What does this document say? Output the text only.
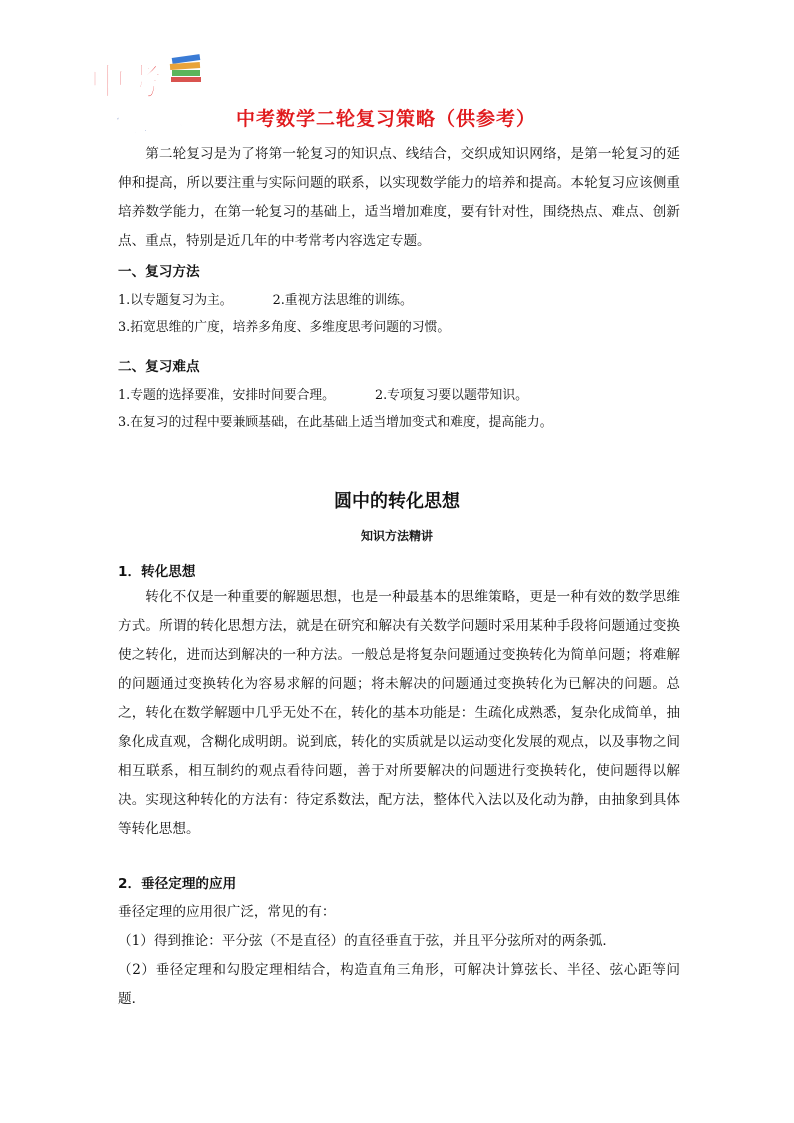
中考
倒计时 中考数学二轮复习策略（供参考）

第二轮复习是为了将第一轮复习的知识点、线结合，交织成知识网络，是第一轮复习的延伸和提高，所以要注重与实际问题的联系，以实现数学能力的培养和提高。本轮复习应该侧重培养数学能力，在第一轮复习的基础上，适当增加难度，要有针对性，围绕热点、难点、创新点、重点，特别是近几年的中考常考内容选定专题。

一、复习方法

1.以专题复习为主。	2.重视方法思维的训练。

3.拓宽思维的广度，培养多角度、多维度思考问题的习惯。

二、复习难点

1.专题的选择要准，安排时间要合理。	2.专项复习要以题带知识。

3.在复习的过程中要兼顾基础，在此基础上适当增加变式和难度，提高能力。

圆中的转化思想

知识方法精讲

1．转化思想

转化不仅是一种重要的解题思想，也是一种最基本的思维策略，更是一种有效的数学思维方式。所谓的转化思想方法，就是在研究和解决有关数学问题时采用某种手段将问题通过变换使之转化，进而达到解决的一种方法。一般总是将复杂问题通过变换转化为简单问题；将难解的问题通过变换转化为容易求解的问题；将未解决的问题通过变换转化为已解决的问题。总之，转化在数学解题中几乎无处不在，转化的基本功能是：生疏化成熟悉，复杂化成简单，抽象化成直观，含糊化成明朗。说到底，转化的实质就是以运动变化发展的观点，以及事物之间相互联系，相互制约的观点看待问题，善于对所要解决的问题进行变换转化，使问题得以解决。实现这种转化的方法有：待定系数法，配方法，整体代入法以及化动为静，由抽象到具体等转化思想。

2．垂径定理的应用

垂径定理的应用很广泛，常见的有：

（1）得到推论：平分弦（不是直径）的直径垂直于弦，并且平分弦所对的两条弧．

（2）垂径定理和勾股定理相结合，构造直角三角形，可解决计算弦长、半径、弦心距等问题．
